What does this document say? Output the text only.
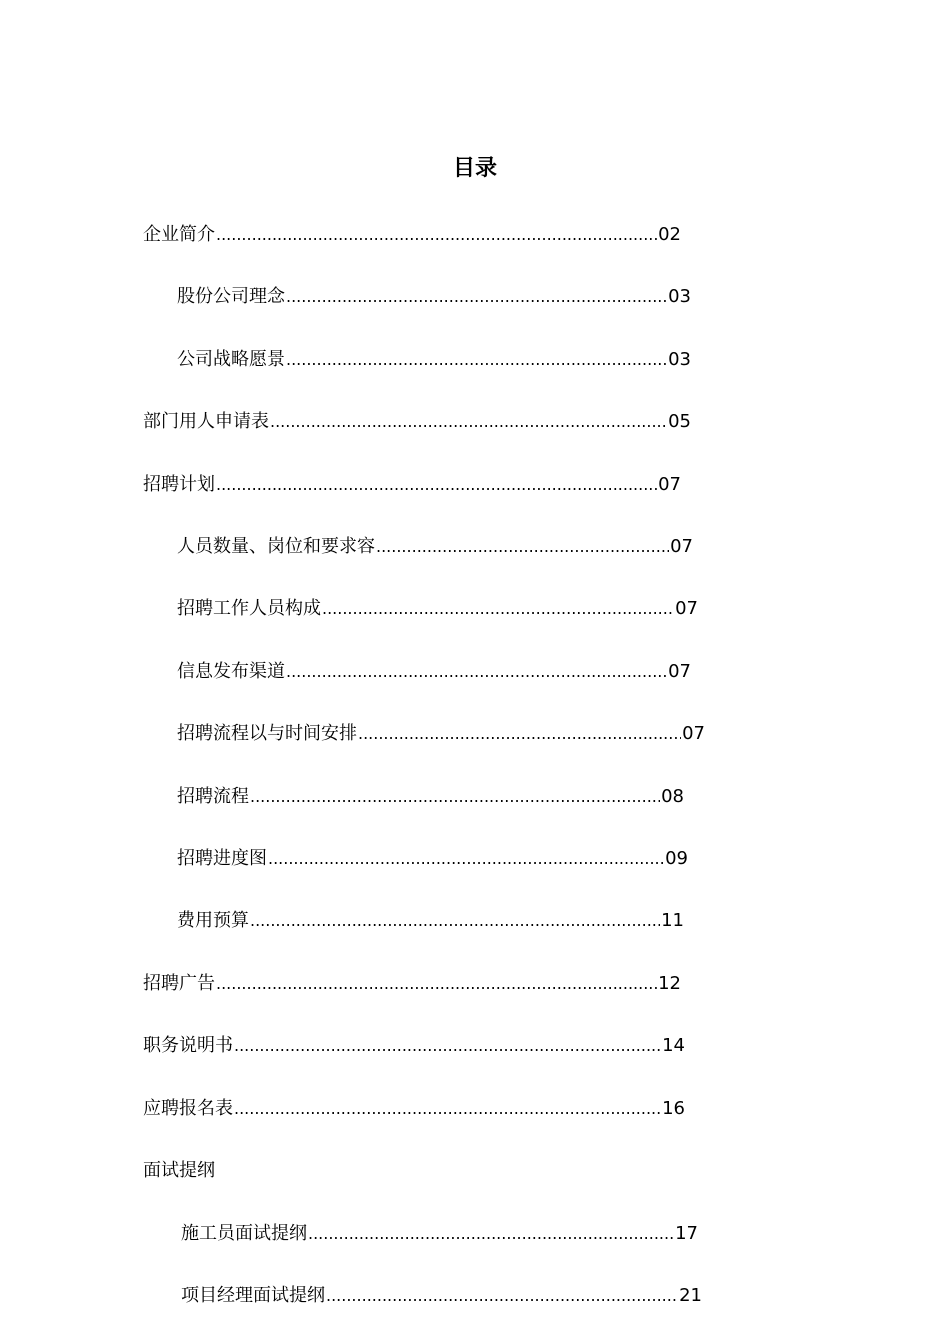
目录
企业简介 .....	02
股份公司理念 .....	03
公司战略愿景 .....	03
部门用人申请表 .....	05
招聘计划 .....	07
人员数量、岗位和要求容 .....	07
招聘工作人员构成 .....	07
信息发布渠道 .....	07
招聘流程以与时间安排 .....	07
招聘流程 .....	08
招聘进度图 .....	09
费用预算 .....	11
招聘广告 .....	12
职务说明书 .....	14
应聘报名表 .....	16
面试提纲
施工员面试提纲 .....	17
项目经理面试提纲 .....	21
